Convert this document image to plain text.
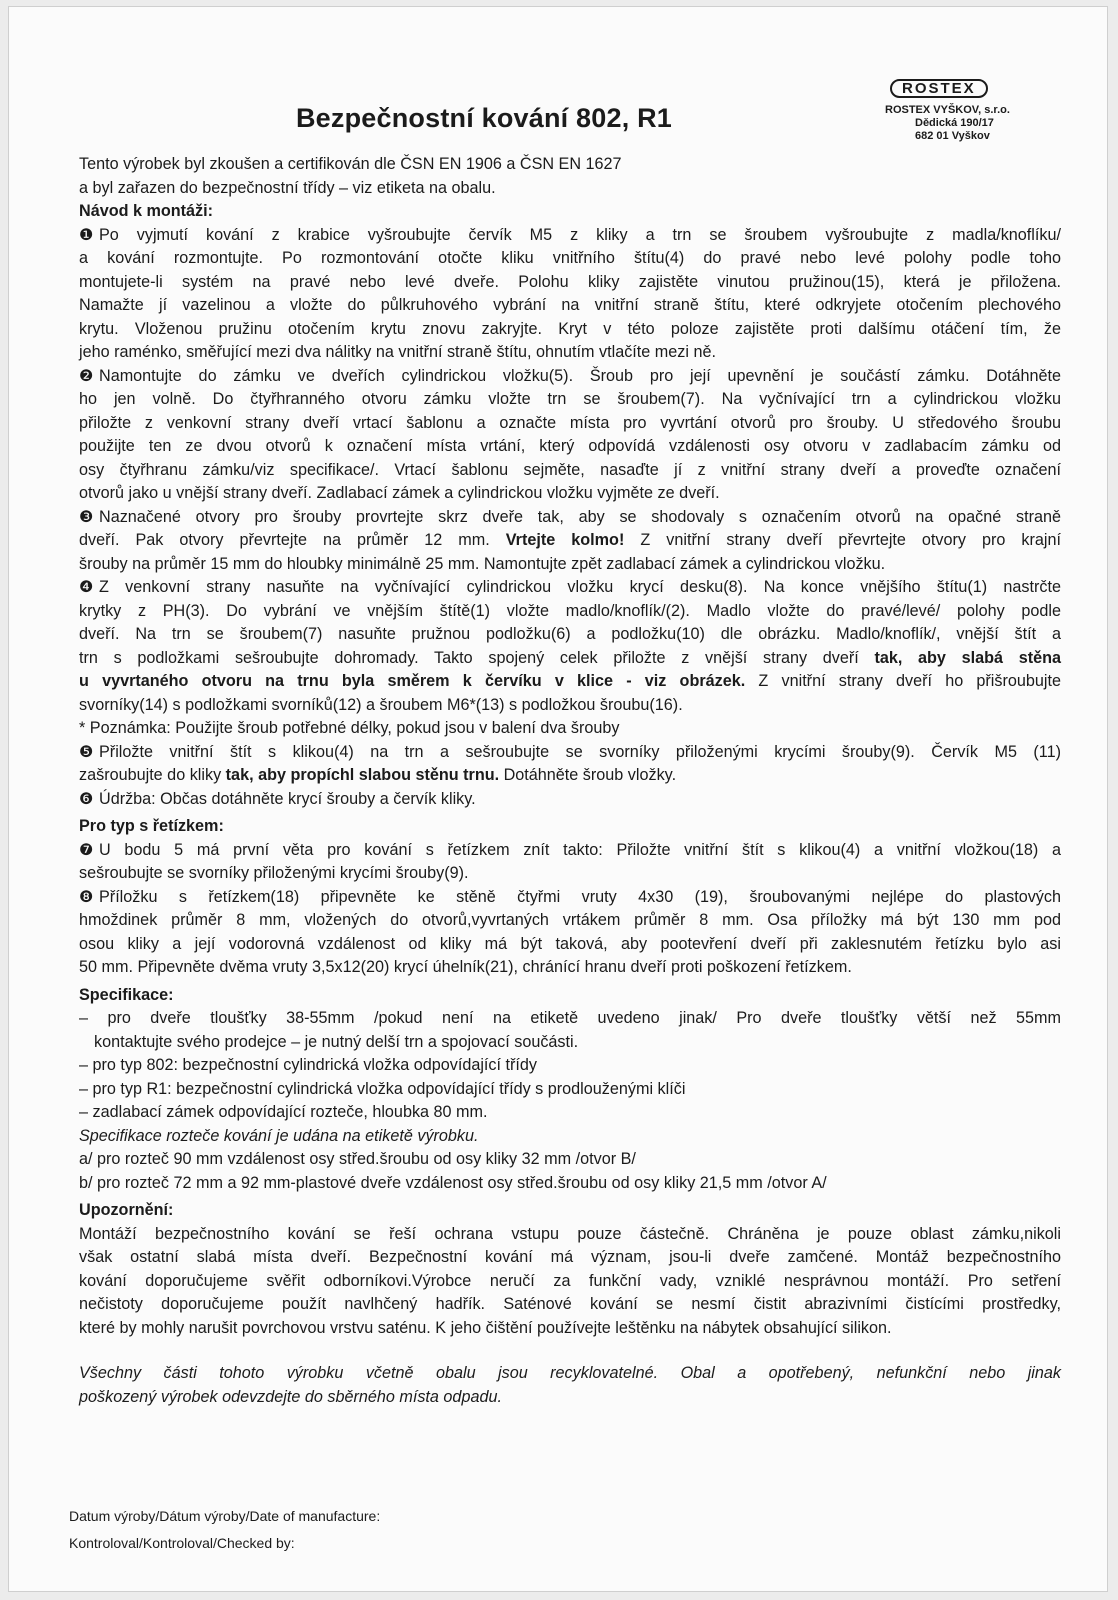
Bezpečnostní kování 802, R1
ROSTEX
ROSTEX VYŠKOV, s.r.o.
Dědická 190/17
682 01 Vyškov

Tento výrobek byl zkoušen a certifikován dle ČSN EN 1906 a ČSN EN 1627

a byl zařazen do bezpečnostní třídy – viz etiketa na obalu.

Návod k montáži:

❶ Po vyjmutí kování z krabice vyšroubujte červík M5 z kliky a trn se šroubem vyšroubujte z madla/knoflíku/

a kování rozmontujte. Po rozmontování otočte kliku vnitřního štítu(4) do pravé nebo levé polohy podle toho

montujete-li systém na pravé nebo levé dveře. Polohu kliky zajistěte vinutou pružinou(15), která je přiložena.

Namažte jí vazelinou a vložte do půlkruhového vybrání na vnitřní straně štítu, které odkryjete otočením plechového

krytu. Vloženou pružinu otočením krytu znovu zakryjte. Kryt v této poloze zajistěte proti dalšímu otáčení tím, že

jeho raménko, směřující mezi dva nálitky na vnitřní straně štítu, ohnutím vtlačíte mezi ně.

❷ Namontujte do zámku ve dveřích cylindrickou vložku(5). Šroub pro její upevnění je součástí zámku. Dotáhněte

ho jen volně. Do čtyřhranného otvoru zámku vložte trn se šroubem(7). Na vyčnívající trn a cylindrickou vložku

přiložte z venkovní strany dveří vrtací šablonu a označte místa pro vyvrtání otvorů pro šrouby. U středového šroubu

použijte ten ze dvou otvorů k označení místa vrtání, který odpovídá vzdálenosti osy otvoru v zadlabacím zámku od

osy čtyřhranu zámku/viz specifikace/. Vrtací šablonu sejměte, nasaďte jí z vnitřní strany dveří a proveďte označení

otvorů jako u vnější strany dveří. Zadlabací zámek a cylindrickou vložku vyjměte ze dveří.

❸ Naznačené otvory pro šrouby provrtejte skrz dveře tak, aby se shodovaly s označením otvorů na opačné straně

dveří. Pak otvory převrtejte na průměr 12 mm. Vrtejte kolmo! Z vnitřní strany dveří převrtejte otvory pro krajní

šrouby na průměr 15 mm do hloubky minimálně 25 mm. Namontujte zpět zadlabací zámek a cylindrickou vložku.

❹ Z venkovní strany nasuňte na vyčnívající cylindrickou vložku krycí desku(8). Na konce vnějšího štítu(1) nastrčte

krytky z PH(3). Do vybrání ve vnějším štítě(1) vložte madlo/knoflík/(2). Madlo vložte do pravé/levé/ polohy podle

dveří. Na trn se šroubem(7) nasuňte pružnou podložku(6) a podložku(10) dle obrázku. Madlo/knoflík/, vnější štít a

trn s podložkami sešroubujte dohromady. Takto spojený celek přiložte z vnější strany dveří tak, aby slabá stěna

u vyvrtaného otvoru na trnu byla směrem k červíku v klice - viz obrázek. Z vnitřní strany dveří ho přišroubujte

svorníky(14) s podložkami svorníků(12) a šroubem M6*(13) s podložkou šroubu(16).

* Poznámka: Použijte šroub potřebné délky, pokud jsou v balení dva šrouby

❺ Přiložte vnitřní štít s klikou(4) na trn a sešroubujte se svorníky přiloženými krycími šrouby(9). Červík M5 (11)

zašroubujte do kliky tak, aby propíchl slabou stěnu trnu. Dotáhněte šroub vložky.

❻ Údržba: Občas dotáhněte krycí šrouby a červík kliky.

Pro typ s řetízkem:

❼ U bodu 5 má první věta pro kování s řetízkem znít takto: Přiložte vnitřní štít s klikou(4) a vnitřní vložkou(18) a

sešroubujte se svorníky přiloženými krycími šrouby(9).

❽ Příložku s řetízkem(18) připevněte ke stěně čtyřmi vruty 4x30 (19), šroubovanými nejlépe do plastových

hmoždinek průměr 8 mm, vložených do otvorů,vyvrtaných vrtákem průměr 8 mm. Osa příložky má být 130 mm pod

osou kliky a její vodorovná vzdálenost od kliky má být taková, aby pootevření dveří při zaklesnutém řetízku bylo asi

50 mm. Připevněte dvěma vruty 3,5x12(20) krycí úhelník(21), chránící hranu dveří proti poškození řetízkem.

Specifikace:

– pro dveře tloušťky 38-55mm /pokud není na etiketě uvedeno jinak/ Pro dveře tloušťky větší než 55mm

kontaktujte svého prodejce – je nutný delší trn a spojovací součásti.

– pro typ 802: bezpečnostní cylindrická vložka odpovídající třídy

– pro typ R1: bezpečnostní cylindrická vložka odpovídající třídy s prodlouženými klíči

– zadlabací zámek odpovídající rozteče, hloubka 80 mm.

Specifikace rozteče kování je udána na etiketě výrobku.

a/ pro rozteč 90 mm vzdálenost osy střed.šroubu od osy kliky 32 mm /otvor B/

b/ pro rozteč 72 mm a 92 mm-plastové dveře vzdálenost osy střed.šroubu od osy kliky 21,5 mm /otvor A/

Upozornění:

Montáží bezpečnostního kování se řeší ochrana vstupu pouze částečně. Chráněna je pouze oblast zámku,nikoli

však ostatní slabá místa dveří. Bezpečnostní kování má význam, jsou-li dveře zamčené. Montáž bezpečnostního

kování doporučujeme svěřit odborníkovi.Výrobce neručí za funkční vady, vzniklé nesprávnou montáží. Pro setření

nečistoty doporučujeme použít navlhčený hadřík. Saténové kování se nesmí čistit abrazivními čistícími prostředky,

které by mohly narušit povrchovou vrstvu saténu. K jeho čištění používejte leštěnku na nábytek obsahující silikon.

Všechny části tohoto výrobku včetně obalu jsou recyklovatelné. Obal a opotřebený, nefunkční nebo jinak

poškozený výrobek odevzdejte do sběrného místa odpadu.

Datum výroby/Dátum výroby/Date of manufacture:
Kontroloval/Kontroloval/Checked by:
